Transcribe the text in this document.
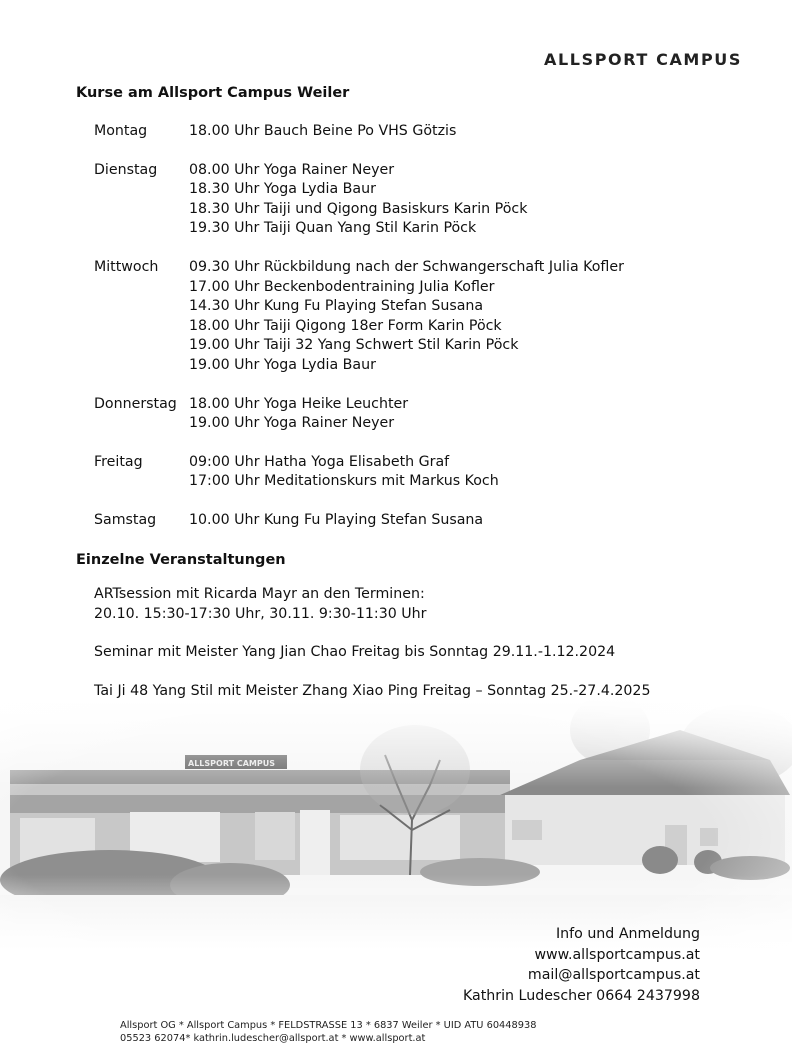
ALLSPORT CAMPUS
Kurse am Allsport Campus Weiler
Montag	18.00 Uhr Bauch Beine Po VHS Götzis
Dienstag	08.00 Uhr Yoga Rainer Neyer
18.30 Uhr Yoga Lydia Baur
18.30 Uhr Taiji und Qigong Basiskurs Karin Pöck
19.30 Uhr Taiji Quan Yang Stil Karin Pöck
Mittwoch	09.30 Uhr Rückbildung nach der Schwangerschaft Julia Kofler
17.00 Uhr Beckenbodentraining Julia Kofler
14.30 Uhr Kung Fu Playing Stefan Susana
18.00 Uhr Taiji Qigong 18er Form Karin Pöck
19.00 Uhr Taiji 32 Yang Schwert Stil Karin Pöck
19.00 Uhr Yoga Lydia Baur
Donnerstag 18.00 Uhr Yoga Heike Leuchter
19.00 Uhr Yoga Rainer Neyer
Freitag	09:00 Uhr Hatha Yoga Elisabeth Graf
17:00 Uhr Meditationskurs mit Markus Koch
Samstag	10.00 Uhr Kung Fu Playing Stefan Susana
Einzelne Veranstaltungen
ARTsession mit Ricarda Mayr an den Terminen:
20.10. 15:30-17:30 Uhr, 30.11. 9:30-11:30 Uhr
Seminar mit Meister Yang Jian Chao Freitag bis Sonntag 29.11.-1.12.2024
Tai Ji 48 Yang Stil mit Meister Zhang Xiao Ping Freitag – Sonntag 25.-27.4.2025
Info und Anmeldung
www.allsportcampus.at
mail@allsportcampus.at
Kathrin Ludescher 0664 2437998
Allsport OG * Allsport Campus * FELDSTRASSE 13 * 6837 Weiler * UID ATU 60448938
05523 62074* kathrin.ludescher@allsport.at * www.allsport.at
